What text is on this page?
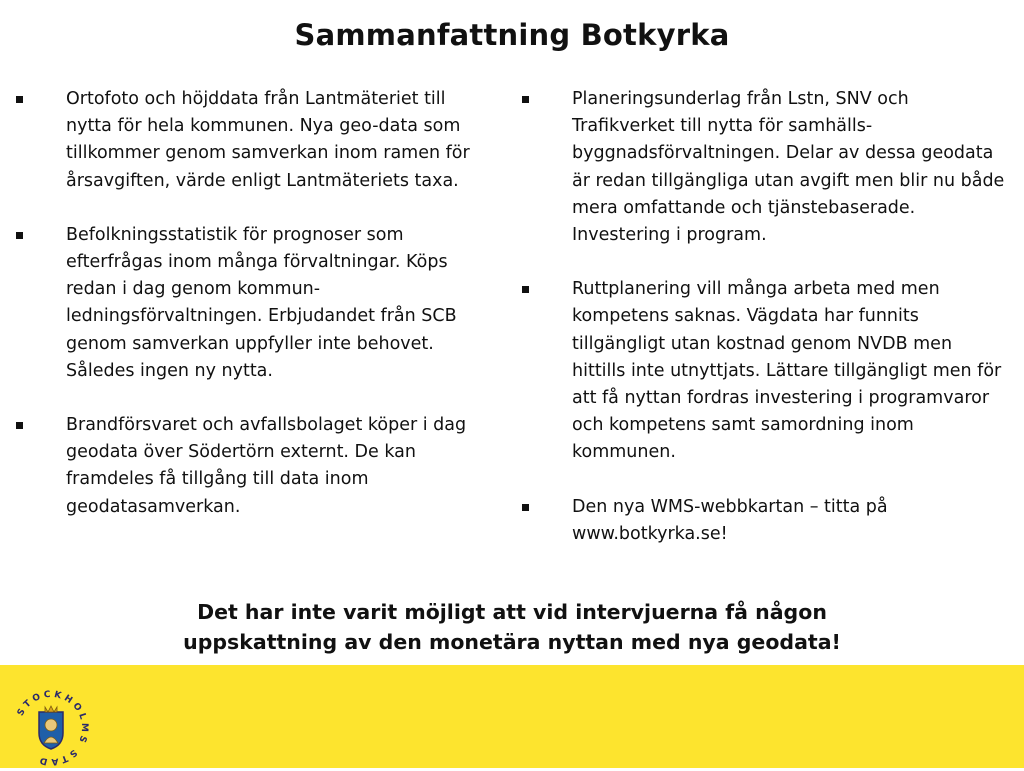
Sammanfattning Botkyrka
Ortofoto och höjddata från Lantmäteriet till nytta för hela kommunen. Nya geo-data som tillkommer genom samverkan inom ramen för årsavgiften, värde enligt Lantmäteriets taxa.
Befolkningsstatistik för prognoser som efterfrågas inom många förvaltningar. Köps redan i dag genom kommun-ledningsförvaltningen. Erbjudandet från SCB genom samverkan uppfyller inte behovet. Således ingen ny nytta.
Brandförsvaret och avfallsbolaget köper i dag geodata över Södertörn externt. De kan framdeles få tillgång till data inom geodatasamverkan.
Planeringsunderlag från Lstn, SNV och Trafikverket till nytta för samhälls-byggnadsförvaltningen. Delar av dessa geodata är redan tillgängliga utan avgift men blir nu både mera omfattande och tjänstebaserade. Investering i program.
Ruttplanering vill många arbeta med men kompetens saknas. Vägdata har funnits tillgängligt utan kostnad genom NVDB men hittills inte utnyttjats. Lättare tillgängligt men för att få nyttan fordras investering i programvaror och kompetens samt samordning inom kommunen.
Den nya WMS-webbkartan – titta på www.botkyrka.se!
Det har inte varit möjligt att vid intervjuerna få någon
uppskattning av den monetära nyttan med nya geodata!
STOCKHOLMS STAD
